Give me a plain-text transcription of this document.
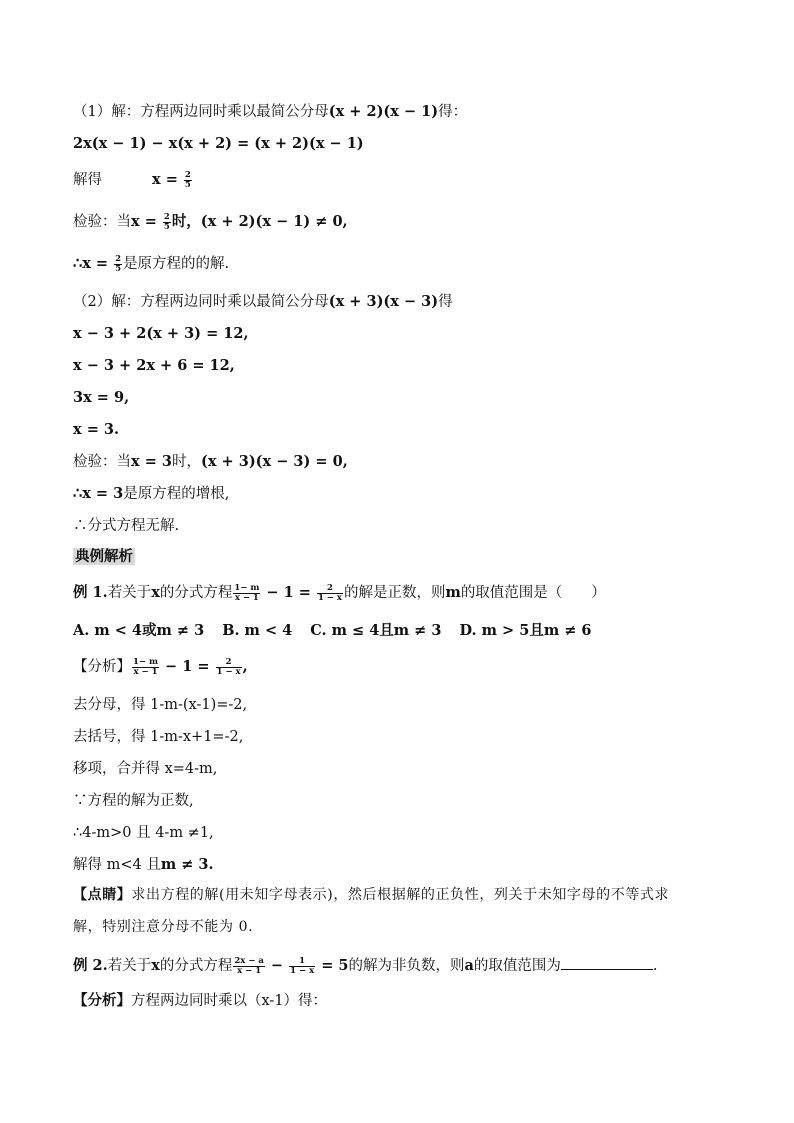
（1）解：方程两边同时乘以最简公分母(x + 2)(x − 1)得：
2x(x − 1) − x(x + 2) = (x + 2)(x − 1)
解得	$x = \frac{2}{5}$
检验：当$x = \frac{2}{5}$ 时，(x + 2)(x − 1) ≠ 0,
∴x = $\frac{2}{5}$ 是原方程的的解.
（2）解：方程两边同时乘以最简公分母(x + 3)(x − 3)得
x − 3 + 2(x + 3) = 12,
x − 3 + 2x + 6 = 12,
3x = 9,
x = 3.
检验：当x = 3时，(x + 3)(x − 3) = 0,
∴x = 3是原方程的增根,
∴分式方程无解.
典例解析
例 1.若关于x的分式方程 $\frac{1- m}{x - 1} - 1 = \frac{2}{1 - x}$ 的解是正数，则m的取值范围是（　　）
A. m < 4或m ≠ 3 B. m < 4 C. m ≤ 4且m ≠ 3 D. m > 5且m ≠ 6
【分析】 $\frac{1- m}{x - 1} - 1 = \frac{2}{1 - x}$ ,
去分母，得 1-m-(x-1)=-2,
去括号，得 1-m-x+1=-2,
移项，合并得 x=4-m,
∵方程的解为正数,
∴4-m>0 且 4-m ≠1,
解得 m<4 且m ≠ 3.
【点睛】求出方程的解(用未知字母表示)，然后根据解的正负性，列关于未知字母的不等式求
解，特别注意分母不能为 0.
例 2.若关于x的分式方程 $\frac{2x - a}{x - 1} - \frac{1}{1 - x} = 5$的解为非负数，则a的取值范围为	.
【分析】方程两边同时乘以（x-1）得：
